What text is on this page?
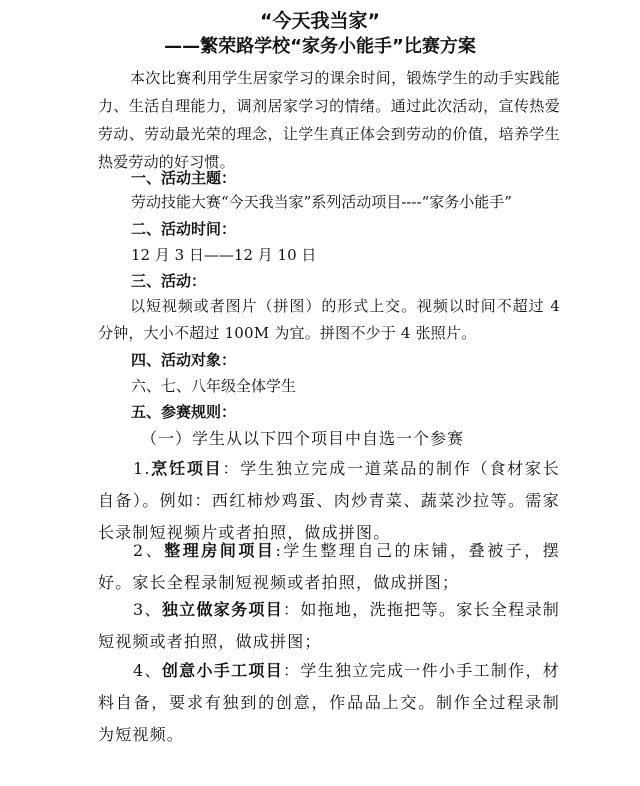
“今天我当家”
——繁荣路学校“家务小能手”比赛方案

本次比赛利用学生居家学习的课余时间，锻炼学生的动手实践能力、生活自理能力，调剂居家学习的情绪。通过此次活动，宣传热爱劳动、劳动最光荣的理念，让学生真正体会到劳动的价值，培养学生热爱劳动的好习惯。

一、活动主题：

劳动技能大赛“今天我当家”系列活动项目----“家务小能手”

二、活动时间：

12 月 3 日——12 月 10 日

三、活动：

以短视频或者图片（拼图）的形式上交。视频以时间不超过 4 分钟，大小不超过 100M 为宜。拼图不少于 4 张照片。

四、活动对象：

六、七、八年级全体学生

五、参赛规则：
（一）学生从以下四个项目中自选一个参赛

1.烹饪项目：学生独立完成一道菜品的制作（食材家长自备）。例如：西红柿炒鸡蛋、肉炒青菜、蔬菜沙拉等。需家长录制短视频片或者拍照，做成拼图。

2、整理房间项目:学生整理自己的床铺，叠被子，摆好。家长全程录制短视频或者拍照，做成拼图；

3、独立做家务项目：如拖地，洗拖把等。家长全程录制短视频或者拍照，做成拼图；

4、创意小手工项目：学生独立完成一件小手工制作，材料自备，要求有独到的创意，作品品上交。制作全过程录制为短视频。
